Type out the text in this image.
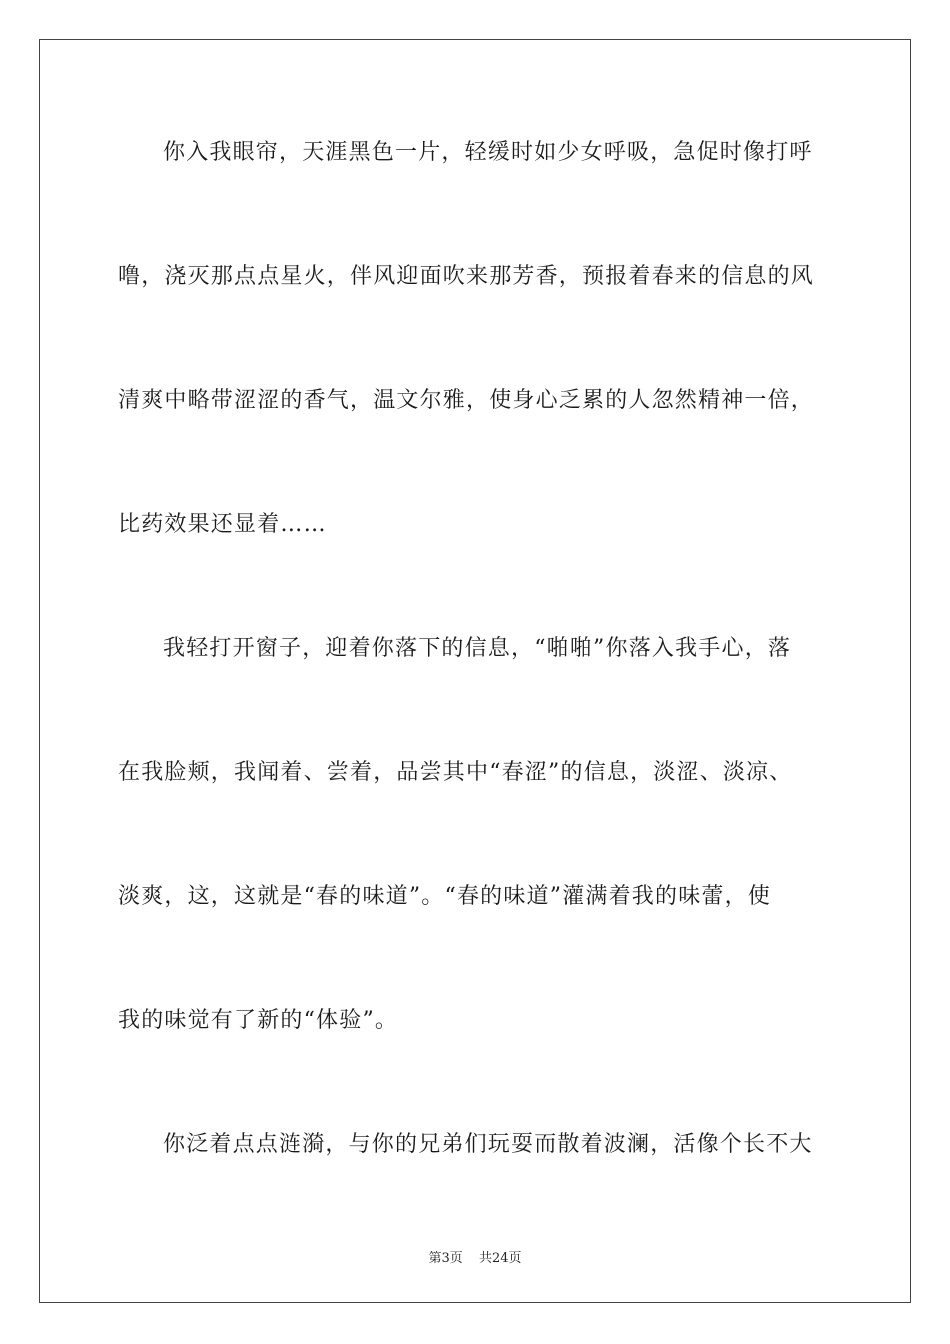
你入我眼帘，天涯黑色一片，轻缓时如少女呼吸，急促时像打呼
噜，浇灭那点点星火，伴风迎面吹来那芳香，预报着春来的信息的风
清爽中略带涩涩的香气，温文尔雅，使身心乏累的人忽然精神一倍，
比药效果还显着……
我轻打开窗子，迎着你落下的信息，“啪啪”你落入我手心，落
在我脸颊，我闻着、尝着，品尝其中“春涩”的信息，淡涩、淡凉、
淡爽，这，这就是“春的味道”。“春的味道”灌满着我的味蕾，使
我的味觉有了新的“体验”。
你泛着点点涟漪，与你的兄弟们玩耍而散着波澜，活像个长不大
第3页 共24页
